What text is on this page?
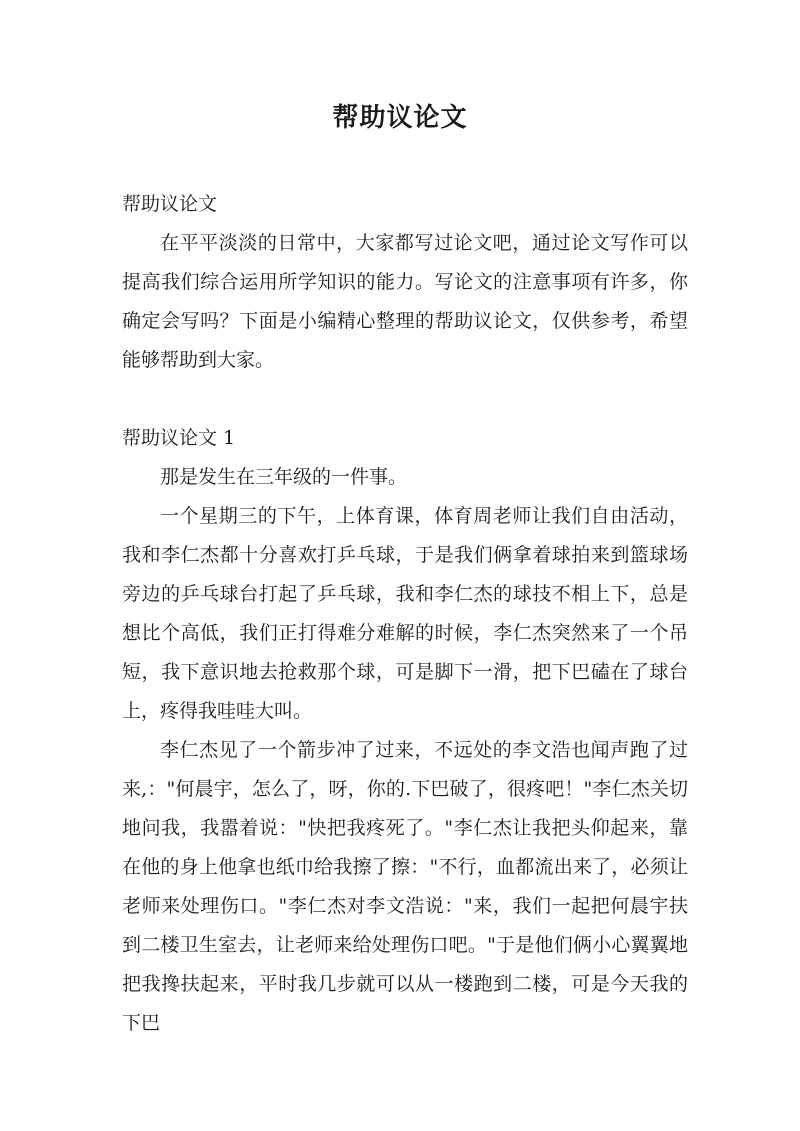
帮助议论文

帮助议论文

在平平淡淡的日常中，大家都写过论文吧，通过论文写作可以提高我们综合运用所学知识的能力。写论文的注意事项有许多，你确定会写吗？下面是小编精心整理的帮助议论文，仅供参考，希望能够帮助到大家。

帮助议论文 1

那是发生在三年级的一件事。

一个星期三的下午，上体育课，体育周老师让我们自由活动，我和李仁杰都十分喜欢打乒乓球，于是我们俩拿着球拍来到篮球场旁边的乒乓球台打起了乒乓球，我和李仁杰的球技不相上下，总是想比个高低，我们正打得难分难解的时候，李仁杰突然来了一个吊短，我下意识地去抢救那个球，可是脚下一滑，把下巴磕在了球台上，疼得我哇哇大叫。

李仁杰见了一个箭步冲了过来，不远处的李文浩也闻声跑了过来,："何晨宇，怎么了，呀，你的.下巴破了，很疼吧！"李仁杰关切地问我，我嚣着说："快把我疼死了。"李仁杰让我把头仰起来，靠在他的身上他拿也纸巾给我擦了擦："不行，血都流出来了，必须让老师来处理伤口。"李仁杰对李文浩说："来，我们一起把何晨宇扶到二楼卫生室去，让老师来给处理伤口吧。"于是他们俩小心翼翼地把我搀扶起来，平时我几步就可以从一楼跑到二楼，可是今天我的下巴
